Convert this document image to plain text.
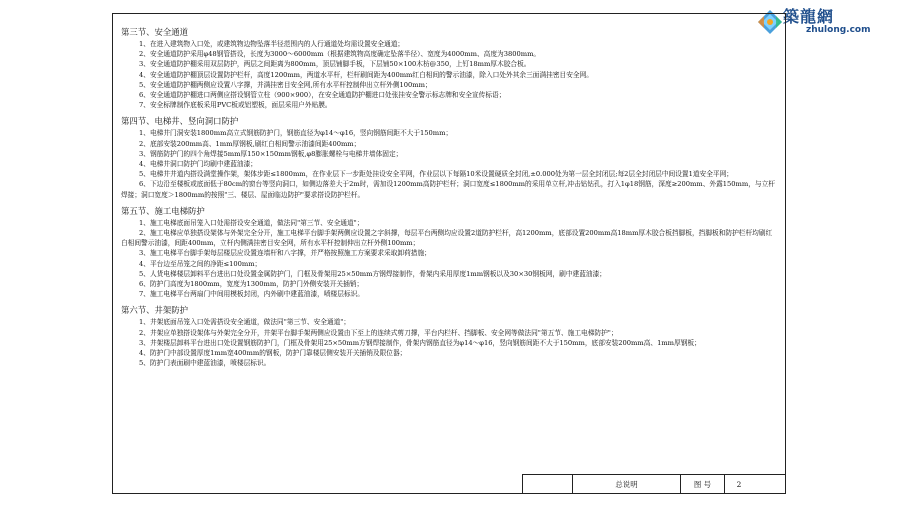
築龍網
zhulong.com
第三节、安全通道

1、在进入建筑物入口处，或建筑物边物坠落半径范围内的人行通道处均需设置安全通道；

2、安全通道防护采用φ48钢管搭设，长度为3000～6000mm（根据建筑物高度确定坠落半径）、宽度为4000mm、高度为3800mm。

3、安全通道防护棚采用双层防护，两层之间距离为800mm，顶层铺脚手板，下层铺50×100木枋@350，上钉18mm厚木胶合板。

4、安全通道防护棚顶层设置防护栏杆，高度1200mm，两道水平杆，栏杆刷间距为400mm红白相间的警示油漆，除入口处外其余三面满挂密目安全网。

5、安全通道防护棚两侧应设置八字撑，并满挂密目安全网,所有水平杆控制伸出立杆外侧100mm；

6、安全通道防护棚进口两侧应搭设钢管立柱（900×900），在安全通道防护棚进口处张挂安全警示标志牌和安全宣传标语；

7、安全标牌制作底板采用PVC板或铝塑板，面层采用户外贴膜。

第四节、电梯井、竖向洞口防护

1、电梯井门洞安装1800mm高立式钢筋防护门，钢筋直径为φ14～φ16，竖向钢筋间距不大于150mm；

2、底部安装200mm高、1mm厚钢板,刷红白相间警示油漆间距400mm；

3、钢筋防护门的四个角焊接5mm厚150×150mm钢板,φ8膨胀螺栓与电梯井墙体固定；

4、电梯井洞口防护门均刷中建蓝油漆；

5、电梯井井道内搭设满堂操作架，架体步距≤1800mm，在作业层下一步距处挂设安全平网，作业层以下每隔10米设置硬质全封闭,±0.000处为第一层全封闭层;每2层全封闭层中间设置1道安全平网；

6、下边沿至楼板或底面低于80cm的窗台等竖向洞口，如侧边落差大于2m时，需加设1200mm高防护栏杆；洞口宽度≤1800mm的采用单立杆,冲击钻钻孔，打入1φ18钢筋，深度≥200mm、外露150mm，与立杆焊接；洞口宽度＞1800mm的按照"三、楼层、屋面临边防护"要求搭设防护栏杆。

第五节、施工电梯防护

1、施工电梯底面吊笼入口处需搭设安全通道，做法同"第三节、安全通道"；

2、施工电梯应单独搭设架体与外架完全分开，施工电梯平台脚手架两侧应设置之字斜撑，每层平台两侧均应设置2道防护栏杆，高1200mm，底部设置200mm高18mm厚木胶合板挡脚板，挡脚板和防护栏杆均刷红白相间警示油漆，间距400mm，立杆内侧满挂密目安全网，所有水平杆控制伸出立杆外侧100mm；

3、施工电梯平台脚手架每层楼层应设置连墙杆和八字撑，并严格按照施工方案要求采取卸荷措施；

4、平台边至吊笼之间的净距≤100mm；

5、人货电梯楼层卸料平台进出口处设置金属防护门，门框及骨架用25×50mm方钢焊接制作，骨架内采用厚度1mm钢板以及30×30钢板网，刷中建蓝油漆；

6、防护门高度为1800mm，宽度为1300mm，防护门外侧安装开关插销；

7、施工电梯平台两扇门中间用模板封闭，内外刷中建蓝油漆，喷楼层标识。

第六节、井架防护

1、井架底面吊笼入口处需搭设安全通道，做法同"第三节、安全通道"；

2、井架应单独搭设架体与外架完全分开，井架平台脚手架两侧应设置由下至上的连续式剪刀撑，平台内栏杆、挡脚板、安全网等做法同"第五节、施工电梯防护"；

3、井架楼层卸料平台进出口处设置钢筋防护门，门框及骨架用25×50mm方钢焊接制作，骨架内钢筋直径为φ14～φ16，竖向钢筋间距不大于150mm，底部安装200mm高、1mm厚钢板；

4、防护门中部设置厚度1mm宽400mm的钢板，防护门靠楼层侧安装开关插销及限位器；

5、防护门表面刷中建蓝油漆，喷楼层标识。

总说明	图 号	2
